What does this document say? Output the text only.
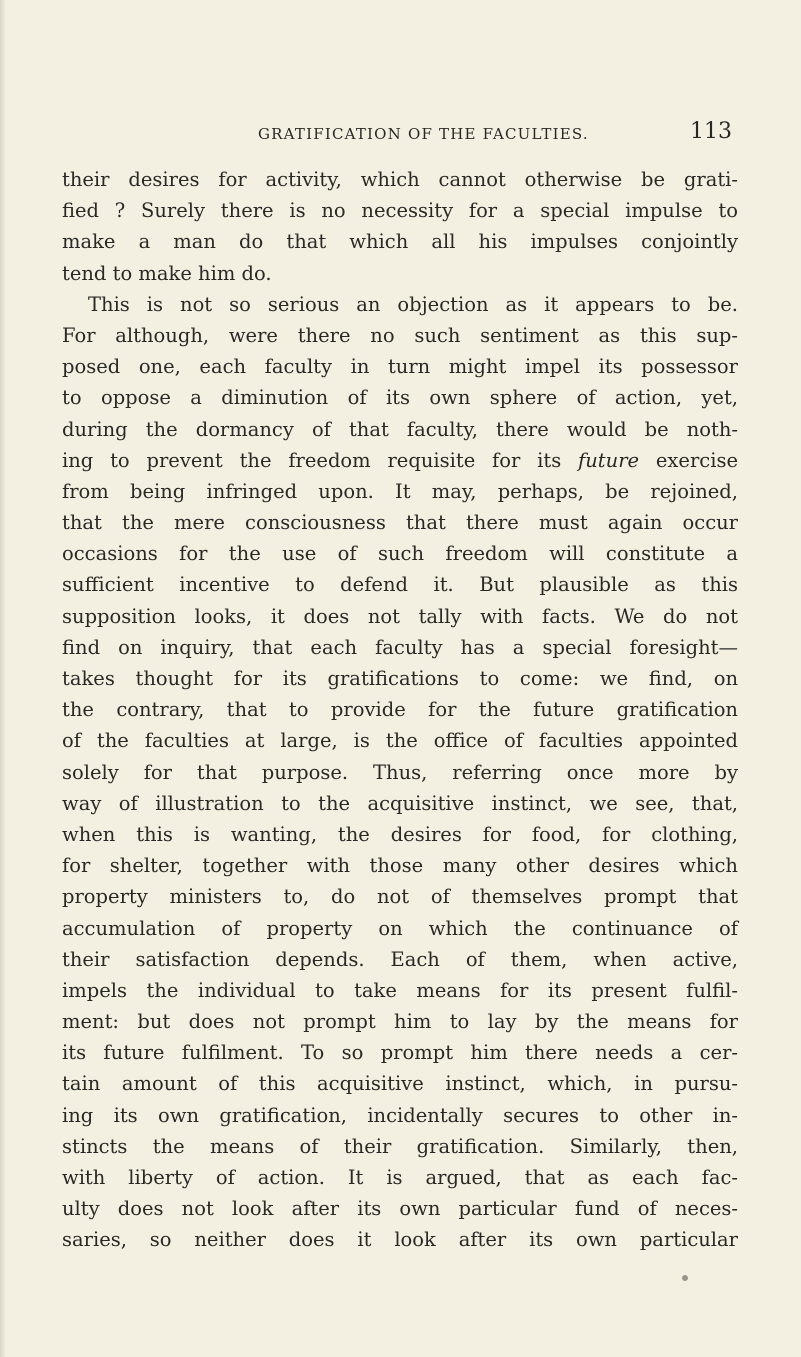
GRATIFICATION OF THE FACULTIES.	113
their desires for activity, which cannot otherwise be grati-
fied ? Surely there is no necessity for a special impulse to
make a man do that which all his impulses conjointly
tend to make him do.
This is not so serious an objection as it appears to be.
For although, were there no such sentiment as this sup-
posed one, each faculty in turn might impel its possessor
to oppose a diminution of its own sphere of action, yet,
during the dormancy of that faculty, there would be noth-
ing to prevent the freedom requisite for its future exercise
from being infringed upon. It may, perhaps, be rejoined,
that the mere consciousness that there must again occur
occasions for the use of such freedom will constitute a
sufficient incentive to defend it. But plausible as this
supposition looks, it does not tally with facts. We do not
find on inquiry, that each faculty has a special foresight—
takes thought for its gratifications to come: we find, on
the contrary, that to provide for the future gratification
of the faculties at large, is the office of faculties appointed
solely for that purpose. Thus, referring once more by
way of illustration to the acquisitive instinct, we see, that,
when this is wanting, the desires for food, for clothing,
for shelter, together with those many other desires which
property ministers to, do not of themselves prompt that
accumulation of property on which the continuance of
their satisfaction depends. Each of them, when active,
impels the individual to take means for its present fulfil-
ment: but does not prompt him to lay by the means for
its future fulfilment. To so prompt him there needs a cer-
tain amount of this acquisitive instinct, which, in pursu-
ing its own gratification, incidentally secures to other in-
stincts the means of their gratification. Similarly, then,
with liberty of action. It is argued, that as each fac-
ulty does not look after its own particular fund of neces-
saries, so neither does it look after its own particular
